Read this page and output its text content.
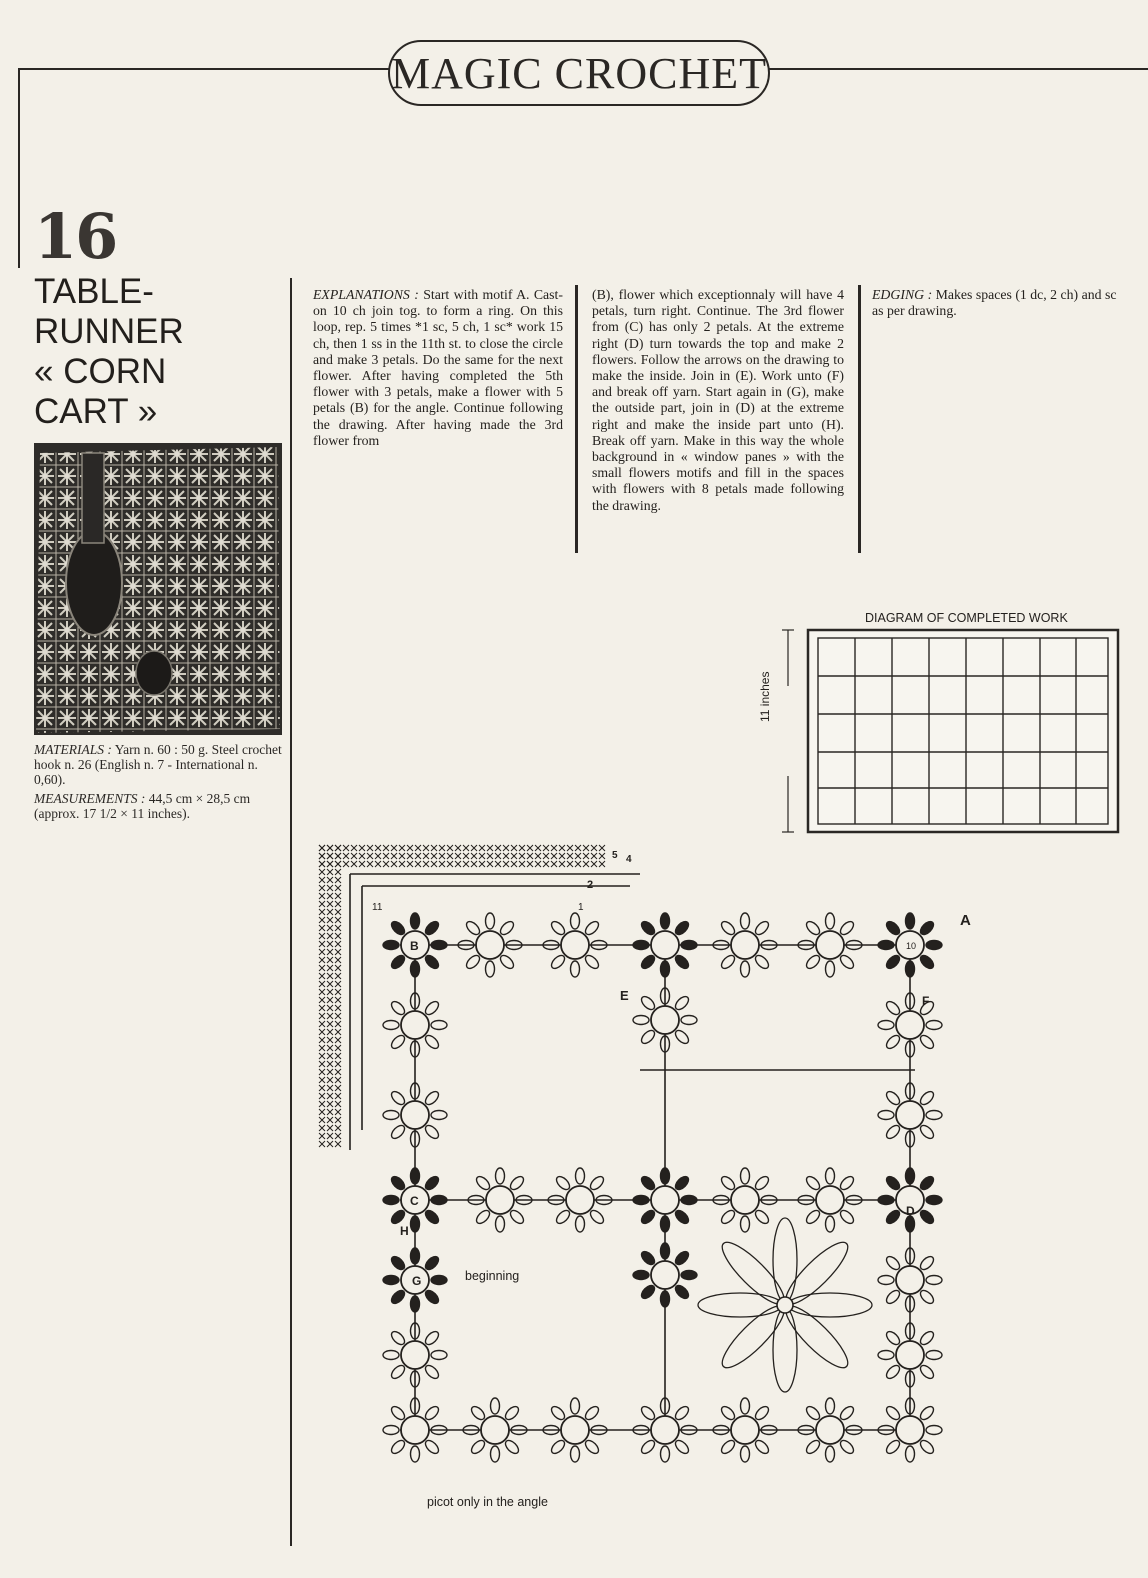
MAGIC CROCHET
16
TABLE-
RUNNER
« CORN
CART »

MATERIALS : Yarn n. 60 : 50 g. Steel crochet hook n. 26 (English n. 7 - International n. 0,60).

MEASUREMENTS : 44,5 cm × 28,5 cm (approx. 17 1/2 × 11 inches).

EXPLANATIONS : Start with motif A. Cast-on 10 ch join tog. to form a ring. On this loop, rep. 5 times *1 sc, 5 ch, 1 sc* work 15 ch, then 1 ss in the 11th st. to close the circle and make 3 petals. Do the same for the next flower. After having completed the 5th flower with 3 petals, make a flower with 5 petals (B) for the angle. Continue following the drawing. After having made the 3rd flower from
(B), flower which exceptionnaly will have 4 petals, turn right. Continue. The 3rd flower from (C) has only 2 petals. At the extreme right (D) turn towards the top and make 2 flowers. Follow the arrows on the drawing to make the inside. Join in (E). Work unto (F) and break off yarn. Start again in (G), make the outside part, join in (D) at the extreme right and make the inside part unto (H). Break off yarn. Make in this way the whole background in « window panes » with the small flowers motifs and fill in the spaces with flowers with 8 petals made following the drawing.
EDGING : Makes spaces (1 dc, 2 ch) and sc as per drawing.
DIAGRAM OF COMPLETED WORK
11 inches
A
B
C
D
E	F
G
H
10
beginning
picot only in the angle
2
5 4
11	1
